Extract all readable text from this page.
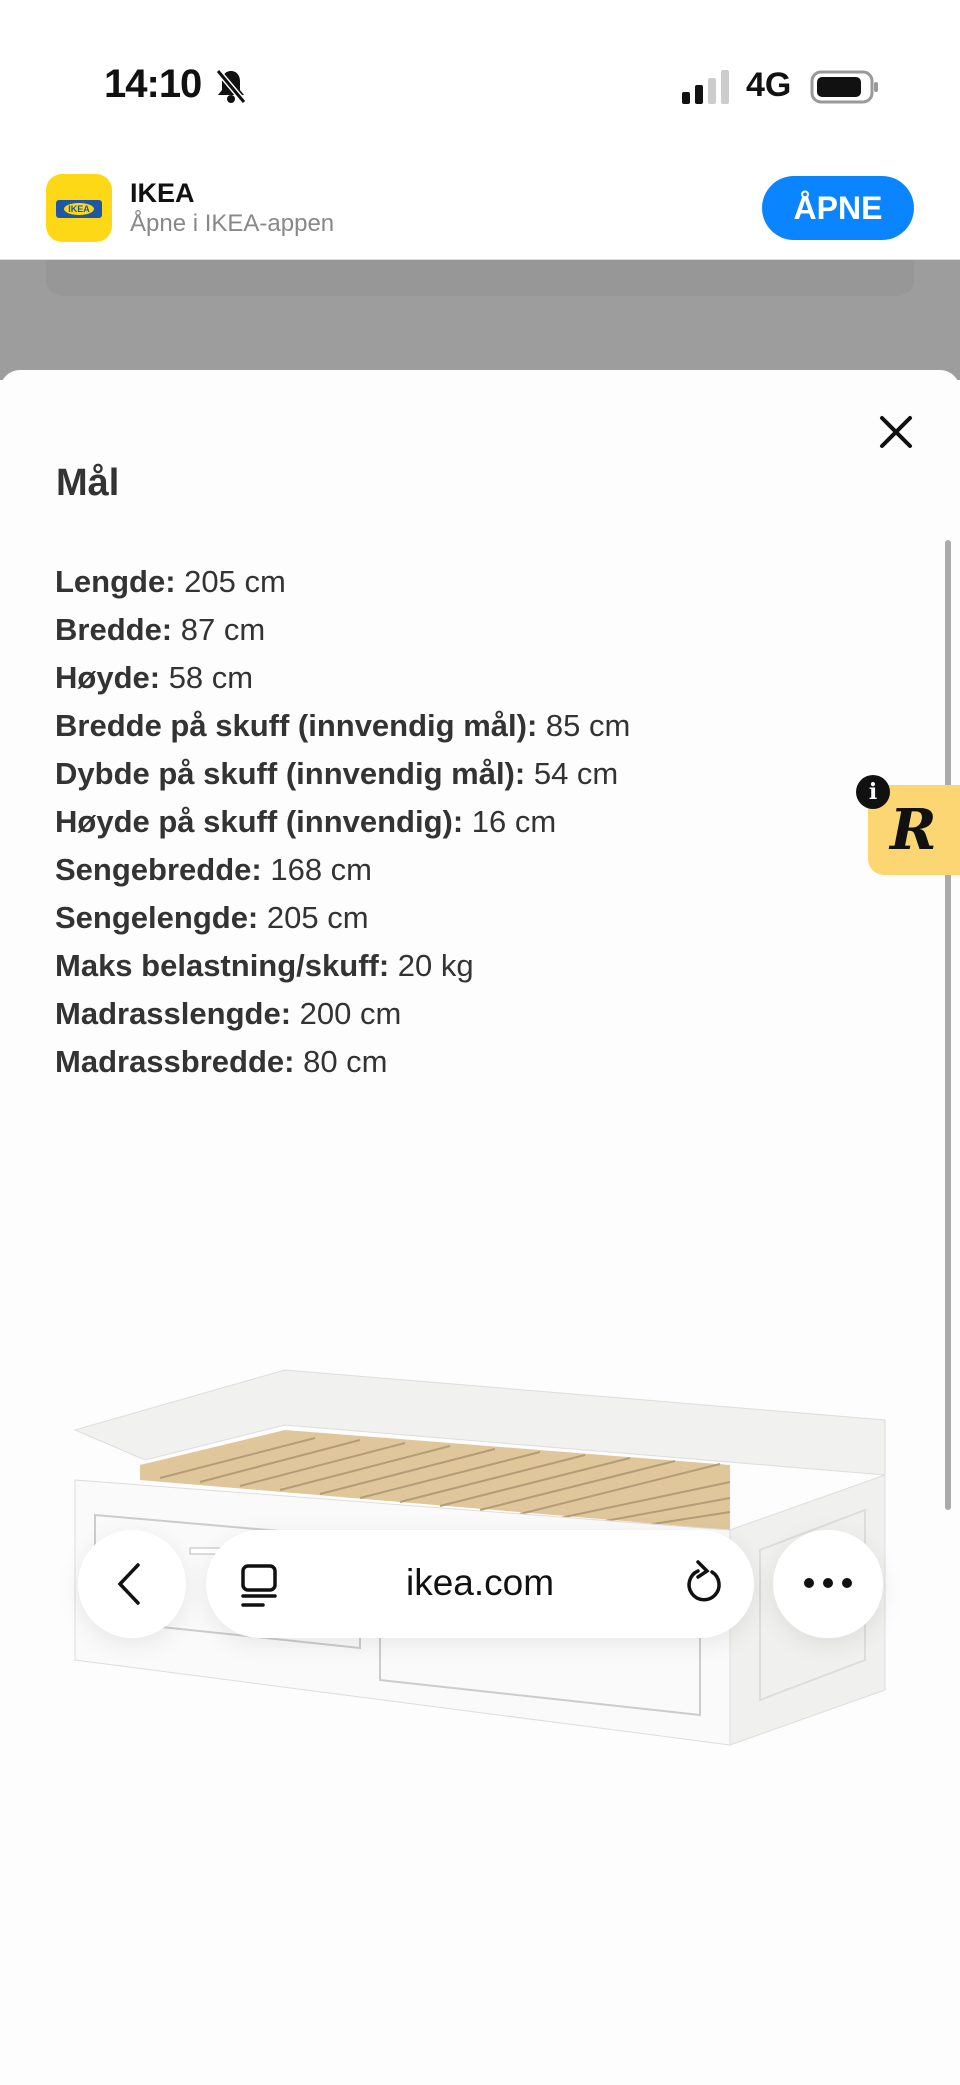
14:10	4G
IKEA
IKEA
Åpne i IKEA-appen	ÅPNE
Mål
Lengde: 205 cm
Bredde: 87 cm
Høyde: 58 cm
Bredde på skuff (innvendig mål): 85 cm
Dybde på skuff (innvendig mål): 54 cm
Høyde på skuff (innvendig): 16 cm
Sengebredde: 168 cm
Sengelengde: 205 cm
Maks belastning/skuff: 20 kg
Madrasslengde: 200 cm
Madrassbredde: 80 cm
R
i
ikea.com
